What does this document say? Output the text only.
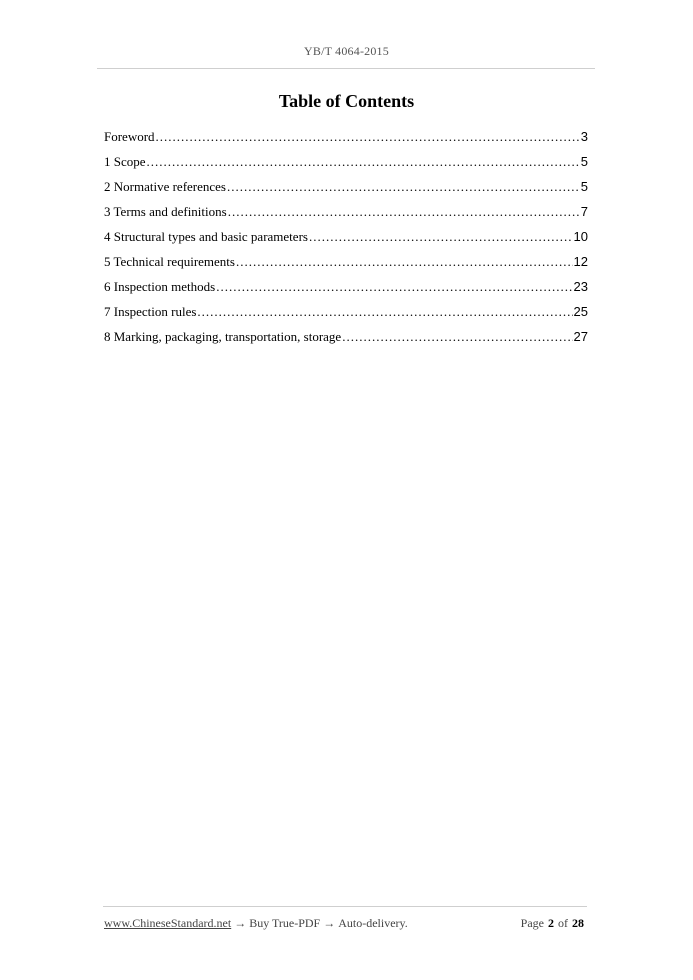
YB/T 4064-2015
Table of Contents
Foreword .....	3
1 Scope .....	5
2 Normative references .....	5
3 Terms and definitions .....	7
4 Structural types and basic parameters .....	10
5 Technical requirements .....	12
6 Inspection methods .....	23
7 Inspection rules .....	25
8 Marking, packaging, transportation, storage .....	27
www.ChineseStandard.net → Buy True-PDF → Auto-delivery.	Page 2 of 28
